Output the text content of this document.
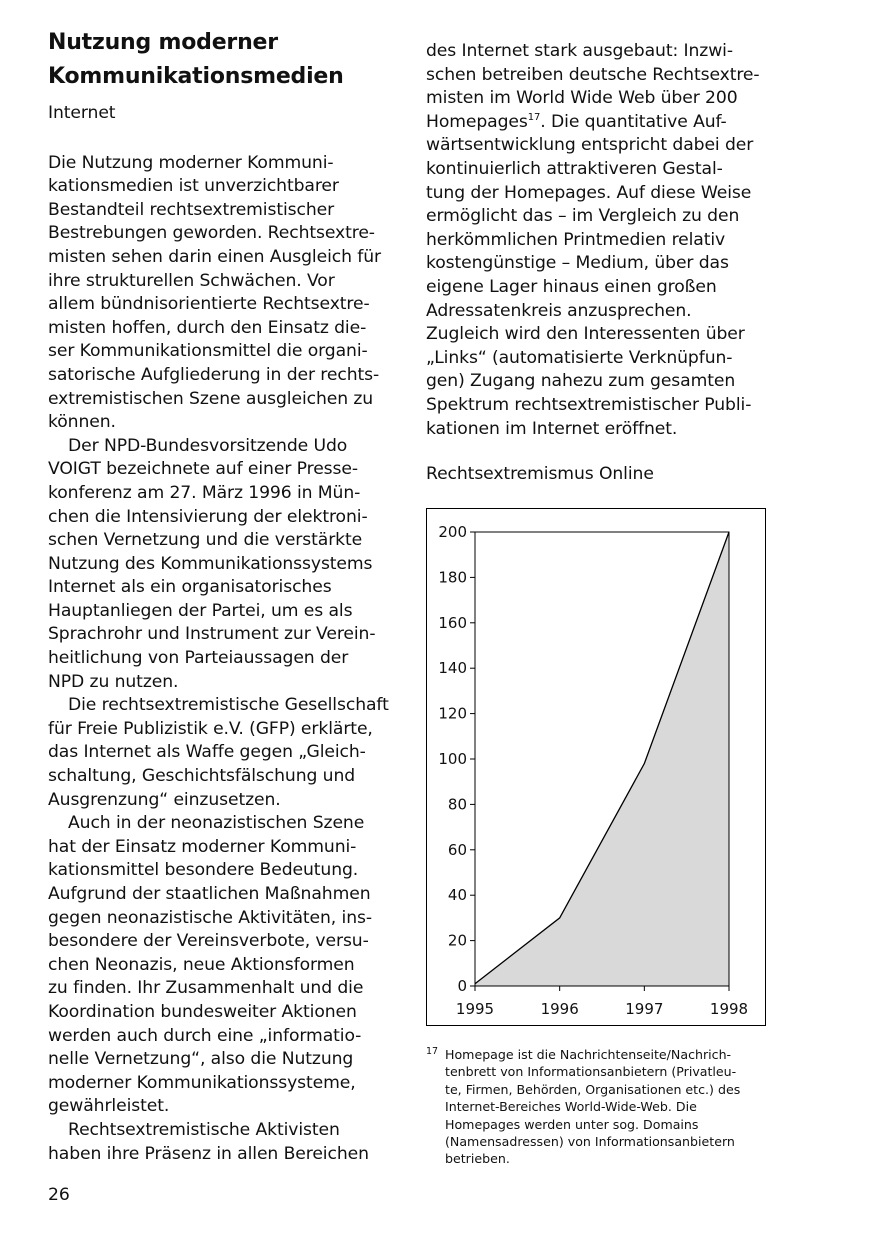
Nutzung moderner
Kommunikationsmedien

Internet

Die Nutzung moderner Kommuni-
kationsmedien ist unverzichtbarer
Bestandteil rechtsextremistischer
Bestrebungen geworden. Rechtsextre-
misten sehen darin einen Ausgleich für
ihre strukturellen Schwächen. Vor
allem bündnisorientierte Rechtsextre-
misten hoffen, durch den Einsatz die-
ser Kommunikationsmittel die organi-
satorische Aufgliederung in der rechts-
extremistischen Szene ausgleichen zu
können.

Der NPD-Bundesvorsitzende Udo
VOIGT bezeichnete auf einer Presse-
konferenz am 27. März 1996 in Mün-
chen die Intensivierung der elektroni-
schen Vernetzung und die verstärkte
Nutzung des Kommunikationssystems
Internet als ein organisatorisches
Hauptanliegen der Partei, um es als
Sprachrohr und Instrument zur Verein-
heitlichung von Parteiaussagen der
NPD zu nutzen.

Die rechtsextremistische Gesellschaft
für Freie Publizistik e.V. (GFP) erklärte,
das Internet als Waffe gegen „Gleich-
schaltung, Geschichtsfälschung und
Ausgrenzung“ einzusetzen.

Auch in der neonazistischen Szene
hat der Einsatz moderner Kommuni-
kationsmittel besondere Bedeutung.
Aufgrund der staatlichen Maßnahmen
gegen neonazistische Aktivitäten, ins-
besondere der Vereinsverbote, versu-
chen Neonazis, neue Aktionsformen
zu finden. Ihr Zusammenhalt und die
Koordination bundesweiter Aktionen
werden auch durch eine „informatio-
nelle Vernetzung“, also die Nutzung
moderner Kommunikationssysteme,
gewährleistet.

Rechtsextremistische Aktivisten
haben ihre Präsenz in allen Bereichen

des Internet stark ausgebaut: Inzwi-
schen betreiben deutsche Rechtsextre-
misten im World Wide Web über 200
Homepages$^{17}$. Die quantitative Auf-
wärtsentwicklung entspricht dabei der
kontinuierlich attraktiveren Gestal-
tung der Homepages. Auf diese Weise
ermöglicht das – im Vergleich zu den
herkömmlichen Printmedien relativ
kostengünstige – Medium, über das
eigene Lager hinaus einen großen
Adressatenkreis anzusprechen.
Zugleich wird den Interessenten über
„Links“ (automatisierte Verknüpfun-
gen) Zugang nahezu zum gesamten
Spektrum rechtsextremistischer Publi-
kationen im Internet eröffnet.

Rechtsextremismus Online

0
20
40
60
80
100
120
140
160
180
200
1995	1996	1997	1998
17 Homepage ist die Nachrichtenseite/Nachrich-
tenbrett von Informationsanbietern (Privatleu-
te, Firmen, Behörden, Organisationen etc.) des
Internet-Bereiches World-Wide-Web. Die
Homepages werden unter sog. Domains
(Namensadressen) von Informationsanbietern
betrieben.
26
